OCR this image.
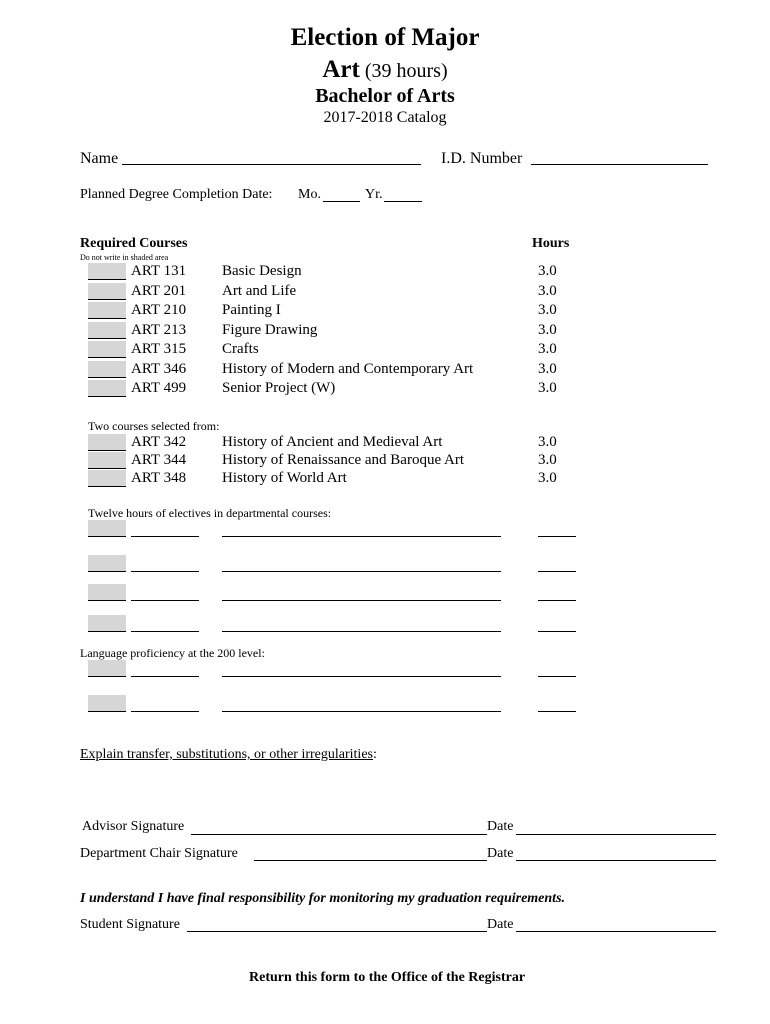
Election of Major
Art (39 hours)
Bachelor of Arts
2017-2018 Catalog
Name	I.D. Number
Planned Degree Completion Date: Mo.	Yr.
Required Courses	Hours
Do not write in shaded area
ART 131 Basic Design	3.0
ART 201 Art and Life	3.0
ART 210 Painting I	3.0
ART 213 Figure Drawing	3.0
ART 315 Crafts	3.0
ART 346 History of Modern and Contemporary Art	3.0
ART 499 Senior Project (W)	3.0
Two courses selected from:
ART 342 History of Ancient and Medieval Art	3.0
ART 344 History of Renaissance and Baroque Art	3.0
ART 348 History of World Art	3.0
Twelve hours of electives in departmental courses:
Language proficiency at the 200 level:
Explain transfer, substitutions, or other irregularities:
Advisor Signature	Date
Department Chair Signature	Date
I understand I have final responsibility for monitoring my graduation requirements.
Student Signature	Date
Return this form to the Office of the Registrar
